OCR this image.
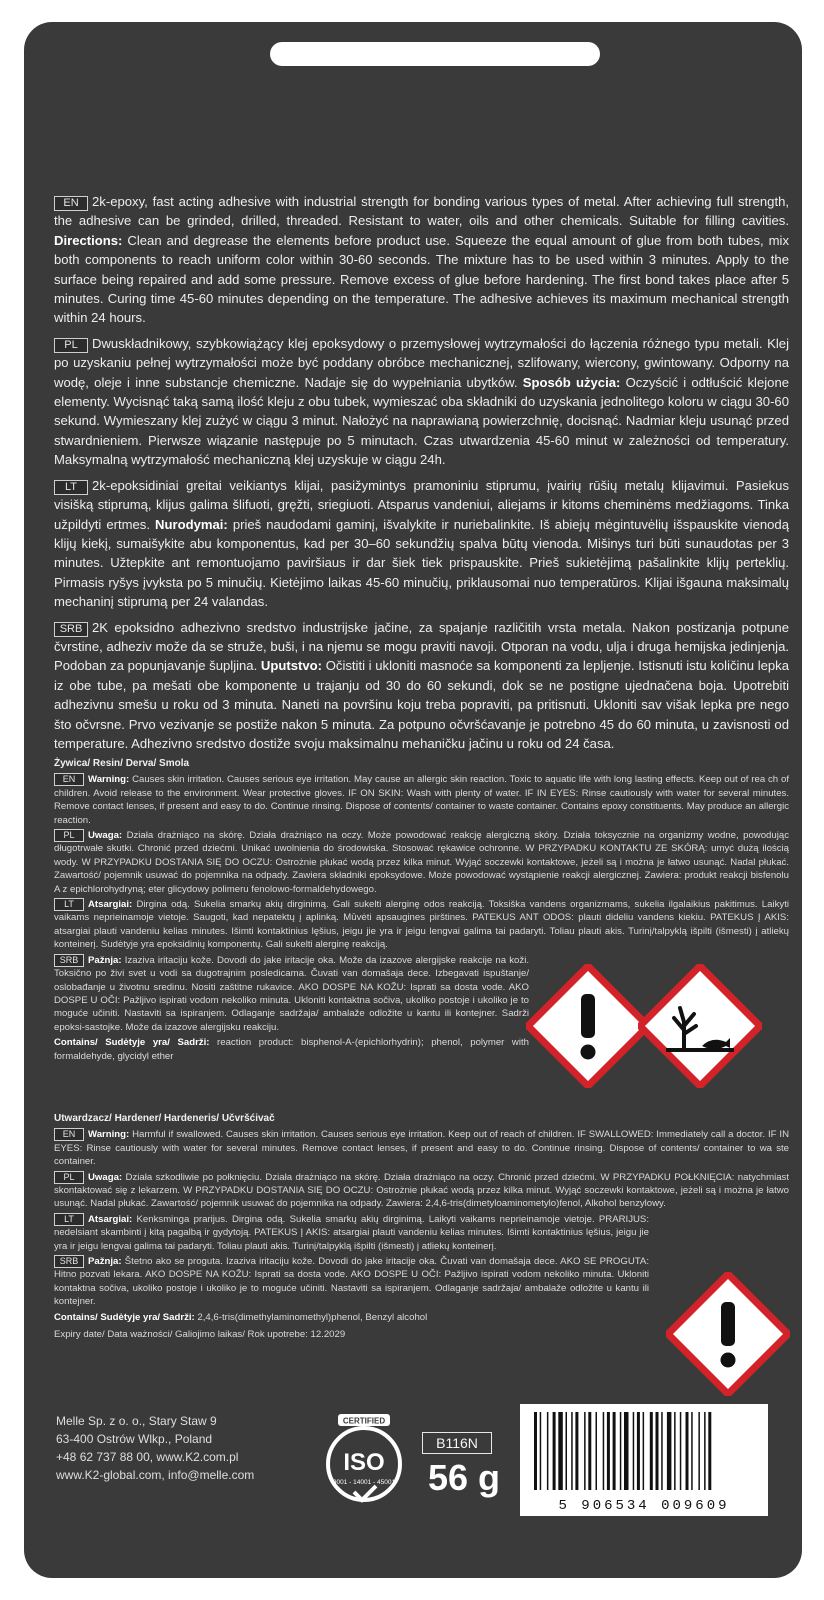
EN 2k-epoxy, fast acting adhesive with industrial strength for bonding various types of metal. After achieving full strength, the adhesive can be grinded, drilled, threaded. Resistant to water, oils and other chemicals. Suitable for filling cavities. Directions: Clean and degrease the elements before product use. Squeeze the equal amount of glue from both tubes, mix both components to reach uniform color within 30-60 seconds. The mixture has to be used within 3 minutes. Apply to the surface being repaired and add some pressure. Remove excess of glue before hardening. The first bond takes place after 5 minutes. Curing time 45-60 minutes depending on the temperature. The adhesive achieves its maximum mechanical strength within 24 hours.

PL Dwuskładnikowy, szybkowiążący klej epoksydowy o przemysłowej wytrzymałości do łączenia różnego typu metali. Klej po uzyskaniu pełnej wytrzymałości może być poddany obróbce mechanicznej, szlifowany, wiercony, gwintowany. Odporny na wodę, oleje i inne substancje chemiczne. Nadaje się do wypełniania ubytków. Sposób użycia: Oczyścić i odtłuścić klejone elementy. Wycisnąć taką samą ilość kleju z obu tubek, wymieszać oba składniki do uzyskania jednolitego koloru w ciągu 30-60 sekund. Wymieszany klej zużyć w ciągu 3 minut. Nałożyć na naprawianą powierzchnię, docisnąć. Nadmiar kleju usunąć przed stwardnieniem. Pierwsze wiązanie następuje po 5 minutach. Czas utwardzenia 45-60 minut w zależności od temperatury. Maksymalną wytrzymałość mechaniczną klej uzyskuje w ciągu 24h.

LT 2k-epoksidiniai greitai veikiantys klijai, pasižymintys pramoniniu stiprumu, įvairių rūšių metalų klijavimui. Pasiekus visišką stiprumą, klijus galima šlifuoti, gręžti, sriegiuoti. Atsparus vandeniui, aliejams ir kitoms cheminėms medžiagoms. Tinka užpildyti ertmes. Nurodymai: prieš naudodami gaminį, išvalykite ir nuriebalinkite. Iš abiejų mėgintuvėlių išspauskite vienodą klijų kiekį, sumaišykite abu komponentus, kad per 30–60 sekundžių spalva būtų vienoda. Mišinys turi būti sunaudotas per 3 minutes. Užtepkite ant remontuojamo paviršiaus ir dar šiek tiek prispauskite. Prieš sukietėjimą pašalinkite klijų perteklių. Pirmasis ryšys įvyksta po 5 minučių. Kietėjimo laikas 45-60 minučių, priklausomai nuo temperatūros. Klijai išgauna maksimalų mechaninį stiprumą per 24 valandas.

SRB 2K epoksidno adhezivno sredstvo industrijske jačine, za spajanje različitih vrsta metala. Nakon postizanja potpune čvrstine, adheziv može da se struže, buši, i na njemu se mogu praviti navoji. Otporan na vodu, ulja i druga hemijska jedinjenja. Podoban za popunjavanje šupljina. Uputstvo: Očistiti i ukloniti masnoće sa komponenti za lepljenje. Istisnuti istu količinu lepka iz obe tube, pa mešati obe komponente u trajanju od 30 do 60 sekundi, dok se ne postigne ujednačena boja. Upotrebiti adhezivnu smešu u roku od 3 minuta. Naneti na površinu koju treba popraviti, pa pritisnuti. Ukloniti sav višak lepka pre nego što očvrsne. Prvo vezivanje se postiže nakon 5 minuta. Za potpuno očvršćavanje je potrebno 45 do 60 minuta, u zavisnosti od temperature. Adhezivno sredstvo dostiže svoju maksimalnu mehaničku jačinu u roku od 24 časa.

Żywica/ Resin/ Derva/ Smola

EN Warning: Causes skin irritation. Causes serious eye irritation. May cause an allergic skin reaction. Toxic to aquatic life with long lasting effects. Keep out of rea ch of children. Avoid release to the environment. Wear protective gloves. IF ON SKIN: Wash with plenty of water. IF IN EYES: Rinse cautiously with water for several minutes. Remove contact lenses, if present and easy to do. Continue rinsing. Dispose of contents/ container to waste container. Contains epoxy constituents. May produce an allergic reaction.

PL Uwaga: Działa drażniąco na skórę. Działa drażniąco na oczy. Może powodować reakcję alergiczną skóry. Działa toksycznie na organizmy wodne, powodując długotrwałe skutki. Chronić przed dziećmi. Unikać uwolnienia do środowiska. Stosować rękawice ochronne. W PRZYPADKU KONTAKTU ZE SKÓRĄ: umyć dużą ilością wody. W PRZYPADKU DOSTANIA SIĘ DO OCZU: Ostrożnie płukać wodą przez kilka minut. Wyjąć soczewki kontaktowe, jeżeli są i można je łatwo usunąć. Nadal płukać. Zawartość/ pojemnik usuwać do pojemnika na odpady. Zawiera składniki epoksydowe. Może powodować wystąpienie reakcji alergicznej. Zawiera: produkt reakcji bisfenolu A z epichlorohydryną; eter glicydowy polimeru fenolowo-formaldehydowego.

LT Atsargiai: Dirgina odą. Sukelia smarkų akių dirginimą. Gali sukelti alerginę odos reakciją. Toksiška vandens organizmams, sukelia ilgalaikius pakitimus. Laikyti vaikams neprieinamoje vietoje. Saugoti, kad nepatektų į aplinką. Mūvėti apsaugines pirštines. PATEKUS ANT ODOS: plauti dideliu vandens kiekiu. PATEKUS Į AKIS: atsargiai plauti vandeniu kelias minutes. Išimti kontaktinius lęšius, jeigu jie yra ir jeigu lengvai galima tai padaryti. Toliau plauti akis. Turinį/talpyklą išpilti (išmesti) į atliekų konteinerį. Sudėtyje yra epoksidinių komponentų. Gali sukelti alerginę reakciją.

SRB Pažnja: Izaziva iritaciju kože. Dovodi do jake iritacije oka. Može da izazove alergijske reakcije na koži. Toksično po živi svet u vodi sa dugotrajnim posledicama. Čuvati van domašaja dece. Izbegavati ispuštanje/ oslobađanje u životnu sredinu. Nositi zaštitne rukavice. AKO DOSPE NA KOŽU: Isprati sa dosta vode. AKO DOSPE U OČI: Pažljivo ispirati vodom nekoliko minuta. Ukloniti kontaktna sočiva, ukoliko postoje i ukoliko je to moguće učiniti. Nastaviti sa ispiranjem. Odlaganje sadržaja/ ambalaže odložite u kantu ili kontejner. Sadrži epoksi-sastojke. Može da izazove alergijsku reakciju.

Contains/ Sudėtyje yra/ Sadrži: reaction product: bisphenol-A-(epichlorhydrin); phenol, polymer with formaldehyde, glycidyl ether

Utwardzacz/ Hardener/ Hardeneris/ Učvršćivač

EN Warning: Harmful if swallowed. Causes skin irritation. Causes serious eye irritation. Keep out of reach of children. IF SWALLOWED: Immediately call a doctor. IF IN EYES: Rinse cautiously with water for several minutes. Remove contact lenses, if present and easy to do. Continue rinsing. Dispose of contents/ container to wa ste container.

PL Uwaga: Działa szkodliwie po połknięciu. Działa drażniąco na skórę. Działa drażniąco na oczy. Chronić przed dziećmi. W PRZYPADKU POŁKNIĘCIA: natychmiast skontaktować się z lekarzem. W PRZYPADKU DOSTANIA SIĘ DO OCZU: Ostrożnie płukać wodą przez kilka minut. Wyjąć soczewki kontaktowe, jeżeli są i można je łatwo usunąć. Nadal płukać. Zawartość/ pojemnik usuwać do pojemnika na odpady. Zawiera: 2,4,6-tris(dimetyloaminometylo)fenol, Alkohol benzylowy.

LT Atsargiai: Kenksminga prarijus. Dirgina odą. Sukelia smarkų akių dirginimą. Laikyti vaikams neprieinamoje vietoje. PRARIJUS: nedelsiant skambinti į kitą pagalbą ir gydytoją. PATEKUS Į AKIS: atsargiai plauti vandeniu kelias minutes. Išimti kontaktinius lęšius, jeigu jie yra ir jeigu lengvai galima tai padaryti. Toliau plauti akis. Turinį/talpyklą išpilti (išmesti) į atliekų konteinerį.

SRB Pažnja: Štetno ako se proguta. Izaziva iritaciju kože. Dovodi do jake iritacije oka. Čuvati van domašaja dece. AKO SE PROGUTA: Hitno pozvati lekara. AKO DOSPE NA KOŽU: Isprati sa dosta vode. AKO DOSPE U OČI: Pažljivo ispirati vodom nekoliko minuta. Ukloniti kontaktna sočiva, ukoliko postoje i ukoliko je to moguće učiniti. Nastaviti sa ispiranjem. Odlaganje sadržaja/ ambalaže odložite u kantu ili kontejner.

Contains/ Sudėtyje yra/ Sadrži: 2,4,6-tris(dimethylaminomethyl)phenol, Benzyl alcohol

Expiry date/ Data ważności/ Galiojimo laikas/ Rok upotrebe: 12.2029

Melle Sp. z o. o., Stary Staw 9
63-400 Ostrów Wlkp., Poland
+48 62 737 88 00, www.K2.com.pl
www.K2-global.com, info@melle.com
CERTIFIED
ISO
9001 - 14001 - 45001
B116N
56 g
5 906534 009609
